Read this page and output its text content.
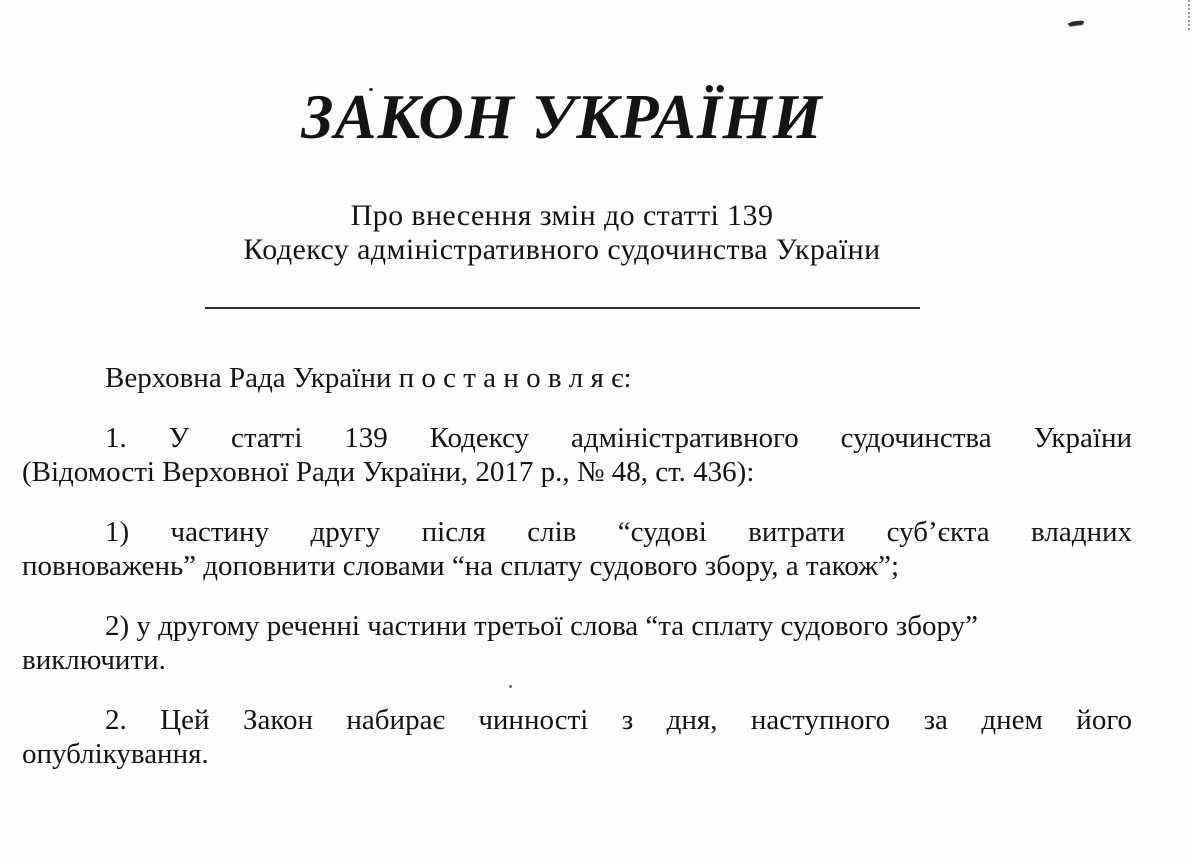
ЗАКОН УКРАЇНИ
Про внесення змін до статті 139
Кодексу адміністративного судочинства України

Верховна Рада України п о с т а н о в л я є:

1. У статті 139 Кодексу адміністративного судочинства України
(Відомості Верховної Ради України, 2017 р., № 48, ст. 436):
1) частину другу після слів “судові витрати суб’єкта владних
повноважень” доповнити словами “на сплату судового збору, а також”;
2) у другому реченні частини третьої слова “та сплату судового збору”
виключити.
2. Цей Закон набирає чинності з дня, наступного за днем його
опублікування.
